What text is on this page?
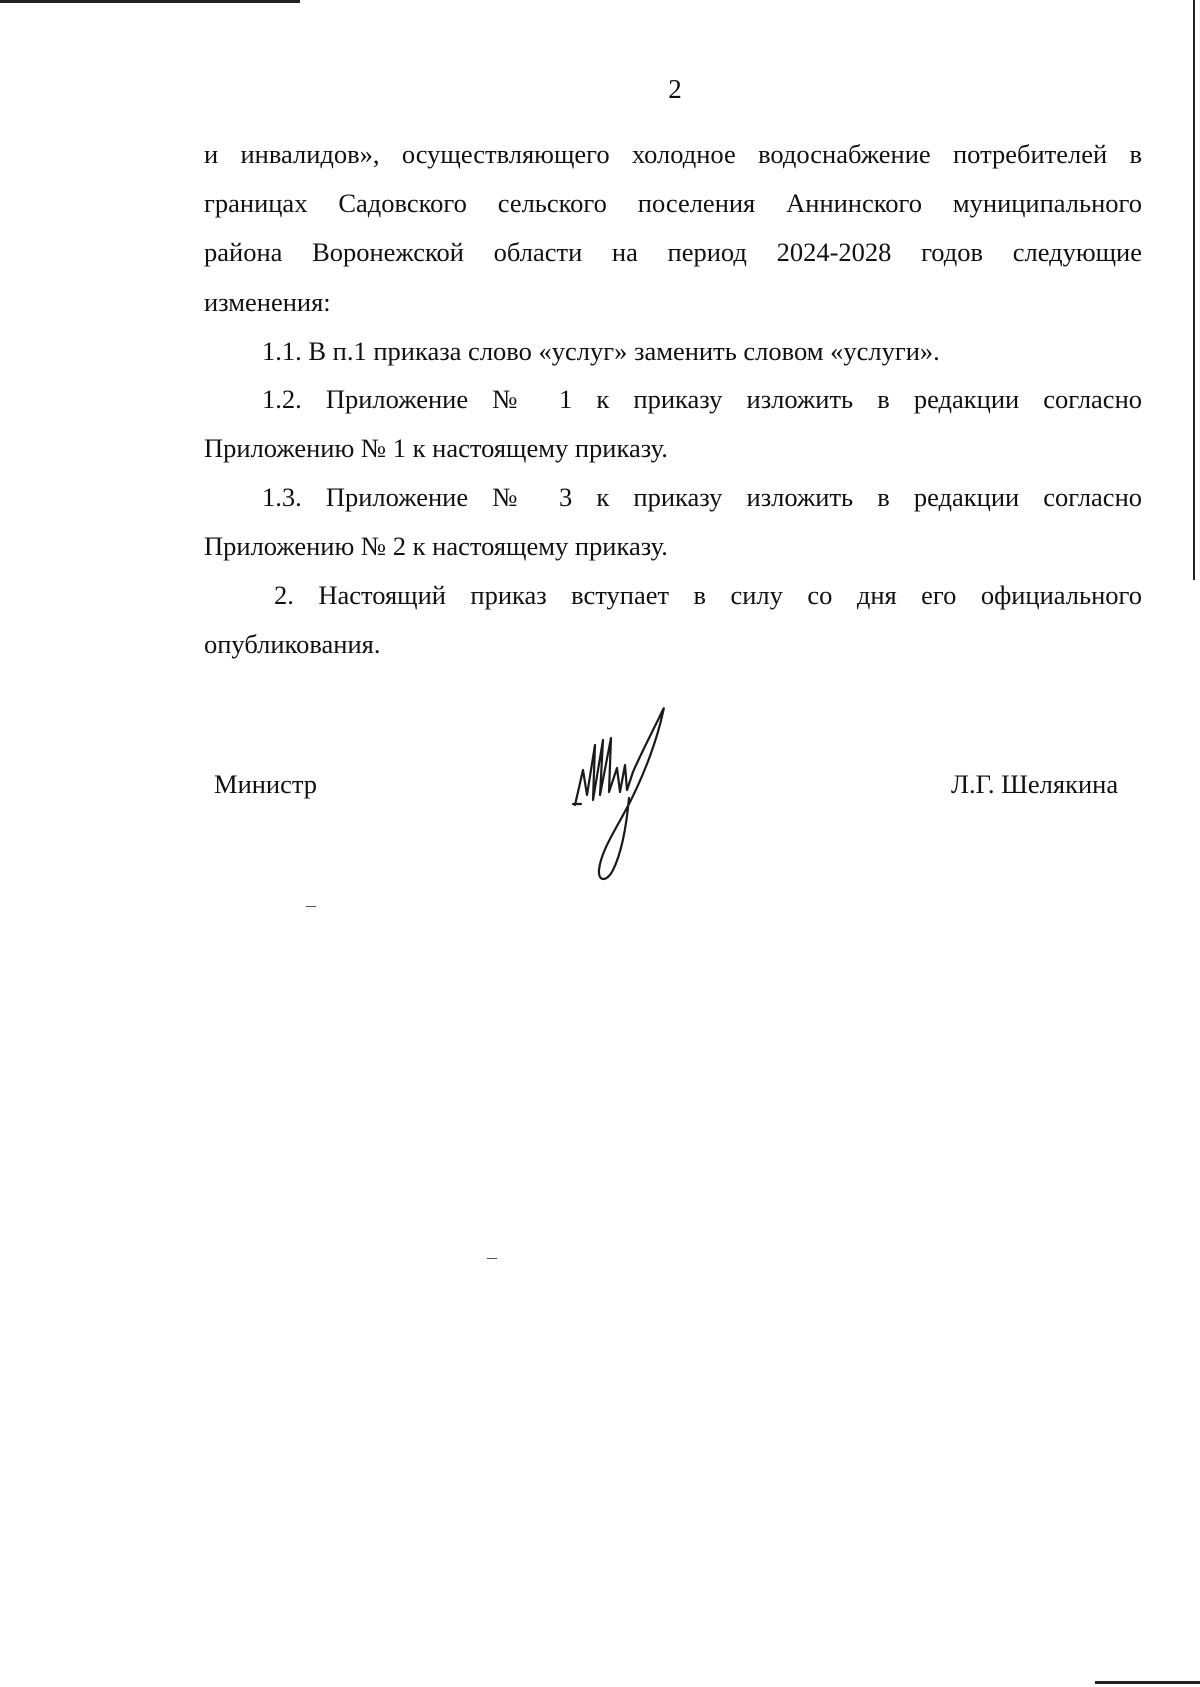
2
и инвалидов», осуществляющего холодное водоснабжение потребителей в
границах Садовского сельского поселения Аннинского муниципального
района Воронежской области на период 2024-2028 годов следующие
изменения:
1.1. В п.1 приказа слово «услуг» заменить словом «услуги».
1.2. Приложение № 1 к приказу изложить в редакции согласно
Приложению № 1 к настоящему приказу.
1.3. Приложение № 3 к приказу изложить в редакции согласно
Приложению № 2 к настоящему приказу.
2. Настоящий приказ вступает в силу со дня его официального
опубликования.
Министр	Л.Г. Шелякина
